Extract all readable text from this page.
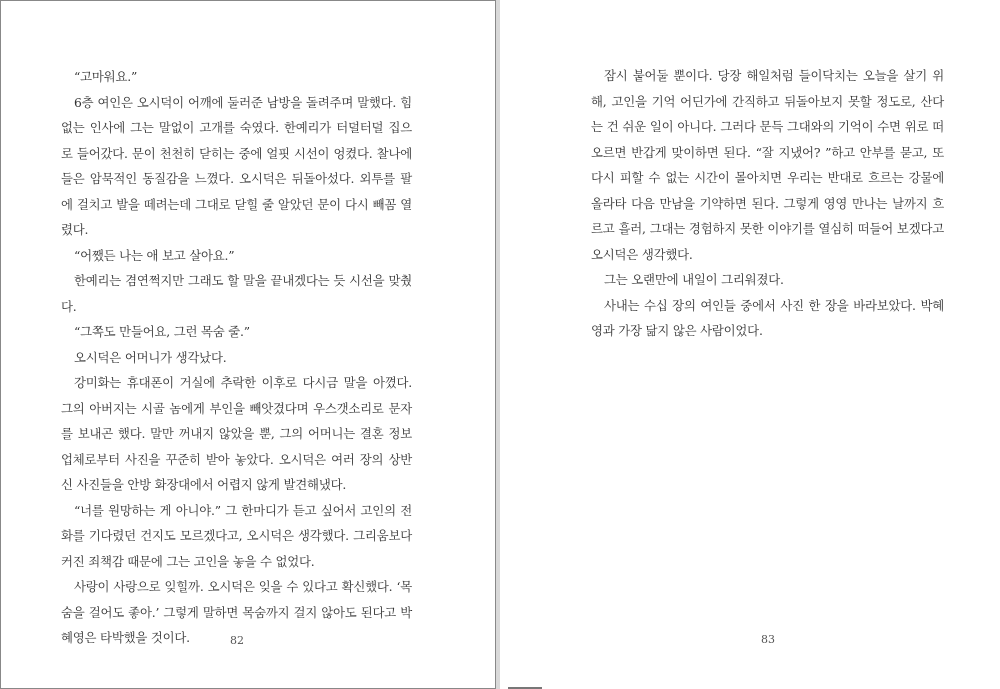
“고마워요.”

6층 여인은 오시덕이 어깨에 둘러준 남방을 돌려주며 말했다. 힘없는 인사에 그는 말없이 고개를 숙였다. 한예리가 터덜터덜 집으로 들어갔다. 문이 천천히 닫히는 중에 얼핏 시선이 엉켰다. 찰나에 들은 암묵적인 동질감을 느꼈다. 오시덕은 뒤돌아섰다. 외투를 팔에 걸치고 발을 떼려는데 그대로 닫힐 줄 알았던 문이 다시 빼꼼 열렸다.

“어쨌든 나는 애 보고 살아요.”

한예리는 겸연쩍지만 그래도 할 말을 끝내겠다는 듯 시선을 맞췄다.

“그쪽도 만들어요, 그런 목숨 줄.”

오시덕은 어머니가 생각났다.

강미화는 휴대폰이 거실에 추락한 이후로 다시금 말을 아꼈다. 그의 아버지는 시골 놈에게 부인을 빼앗겼다며 우스갯소리로 문자를 보내곤 했다. 말만 꺼내지 않았을 뿐, 그의 어머니는 결혼 정보 업체로부터 사진을 꾸준히 받아 놓았다. 오시덕은 여러 장의 상반신 사진들을 안방 화장대에서 어렵지 않게 발견해냈다.

“너를 원망하는 게 아니야.” 그 한마디가 듣고 싶어서 고인의 전화를 기다렸던 건지도 모르겠다고, 오시덕은 생각했다. 그리움보다 커진 죄책감 때문에 그는 고인을 놓을 수 없었다.

사랑이 사랑으로 잊힐까. 오시덕은 잊을 수 있다고 확신했다. ‘목숨을 걸어도 좋아.’ 그렇게 말하면 목숨까지 걸지 않아도 된다고 박혜영은 타박했을 것이다.	82

잠시 붙어둘 뿐이다. 당장 해일처럼 들이닥치는 오늘을 살기 위해, 고인을 기억 어딘가에 간직하고 뒤돌아보지 못할 정도로, 산다는 건 쉬운 일이 아니다. 그러다 문득 그대와의 기억이 수면 위로 떠오르면 반갑게 맞이하면 된다. “잘 지냈어? ”하고 안부를 묻고, 또다시 피할 수 없는 시간이 몰아치면 우리는 반대로 흐르는 강물에 올라타 다음 만남을 기약하면 된다. 그렇게 영영 만나는 날까지 흐르고 흘러, 그대는 경험하지 못한 이야기를 열심히 떠들어 보겠다고 오시덕은 생각했다.

그는 오랜만에 내일이 그리워졌다.

사내는 수십 장의 여인들 중에서 사진 한 장을 바라보았다. 박혜영과 가장 닮지 않은 사람이었다.

83
